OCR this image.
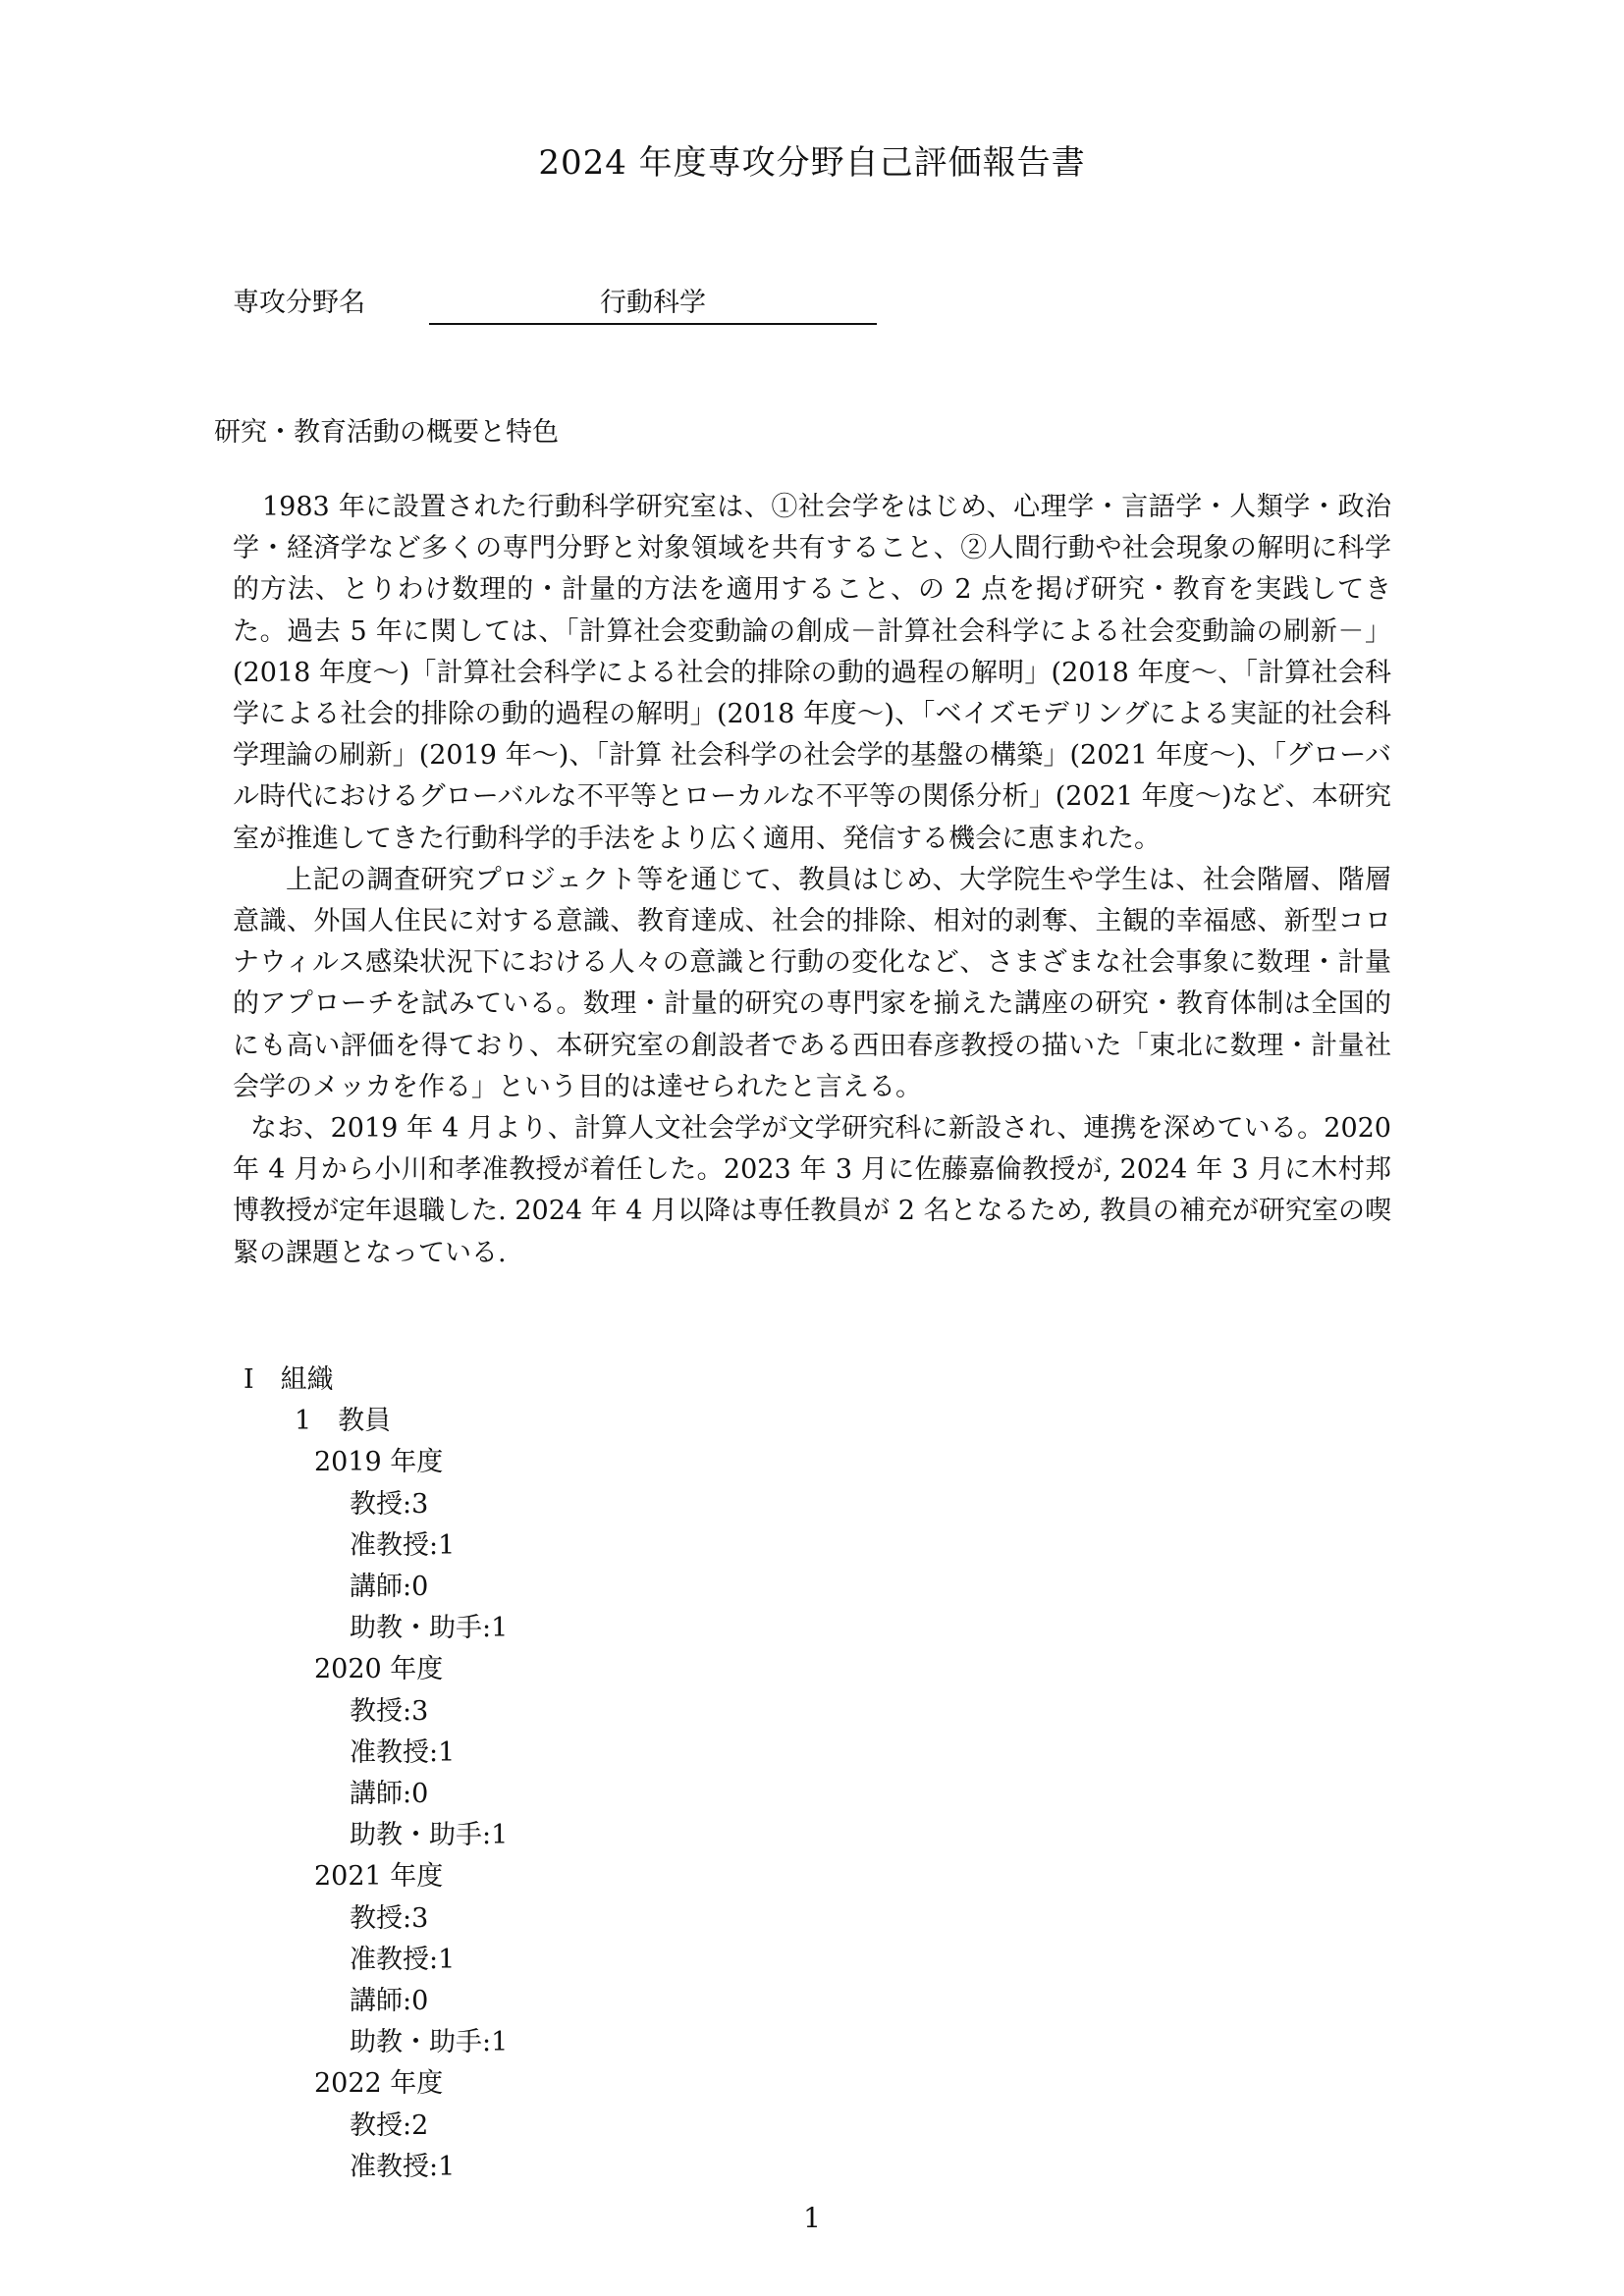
2024 年度専攻分野自己評価報告書
専攻分野名	行動科学
研究・教育活動の概要と特色

1983 年に設置された行動科学研究室は、①社会学をはじめ、心理学・言語学・人類学・政治学・経済学など多くの専門分野と対象領域を共有すること、②人間行動や社会現象の解明に科学的方法、とりわけ数理的・計量的方法を適用すること、の 2 点を掲げ研究・教育を実践してきた。過去 5 年に関しては、「計算社会変動論の創成－計算社会科学による社会変動論の刷新－」(2018 年度～)「計算社会科学による社会的排除の動的過程の解明」(2018 年度～、「計算社会科学による社会的排除の動的過程の解明」(2018 年度～)、「ベイズモデリングによる実証的社会科学理論の刷新」(2019 年～)、「計算 社会科学の社会学的基盤の構築」(2021 年度～)、「グローバル時代におけるグローバルな不平等とローカルな不平等の関係分析」(2021 年度～)など、本研究室が推進してきた行動科学的手法をより広く適用、発信する機会に恵まれた。

上記の調査研究プロジェクト等を通じて、教員はじめ、大学院生や学生は、社会階層、階層意識、外国人住民に対する意識、教育達成、社会的排除、相対的剥奪、主観的幸福感、新型コロナウィルス感染状況下における人々の意識と行動の変化など、さまざまな社会事象に数理・計量的アプローチを試みている。数理・計量的研究の専門家を揃えた講座の研究・教育体制は全国的にも高い評価を得ており、本研究室の創設者である西田春彦教授の描いた「東北に数理・計量社会学のメッカを作る」という目的は達せられたと言える。

なお、2019 年 4 月より、計算人文社会学が文学研究科に新設され、連携を深めている。2020 年 4 月から小川和孝准教授が着任した。2023 年 3 月に佐藤嘉倫教授が, 2024 年 3 月に木村邦博教授が定年退職した. 2024 年 4 月以降は専任教員が 2 名となるため, 教員の補充が研究室の喫緊の課題となっている.

Ⅰ　組織
1　教員
2019 年度
教授:3
准教授:1
講師:0
助教・助手:1
2020 年度
教授:3
准教授:1
講師:0
助教・助手:1
2021 年度
教授:3
准教授:1
講師:0
助教・助手:1
2022 年度
教授:2
准教授:1
1
